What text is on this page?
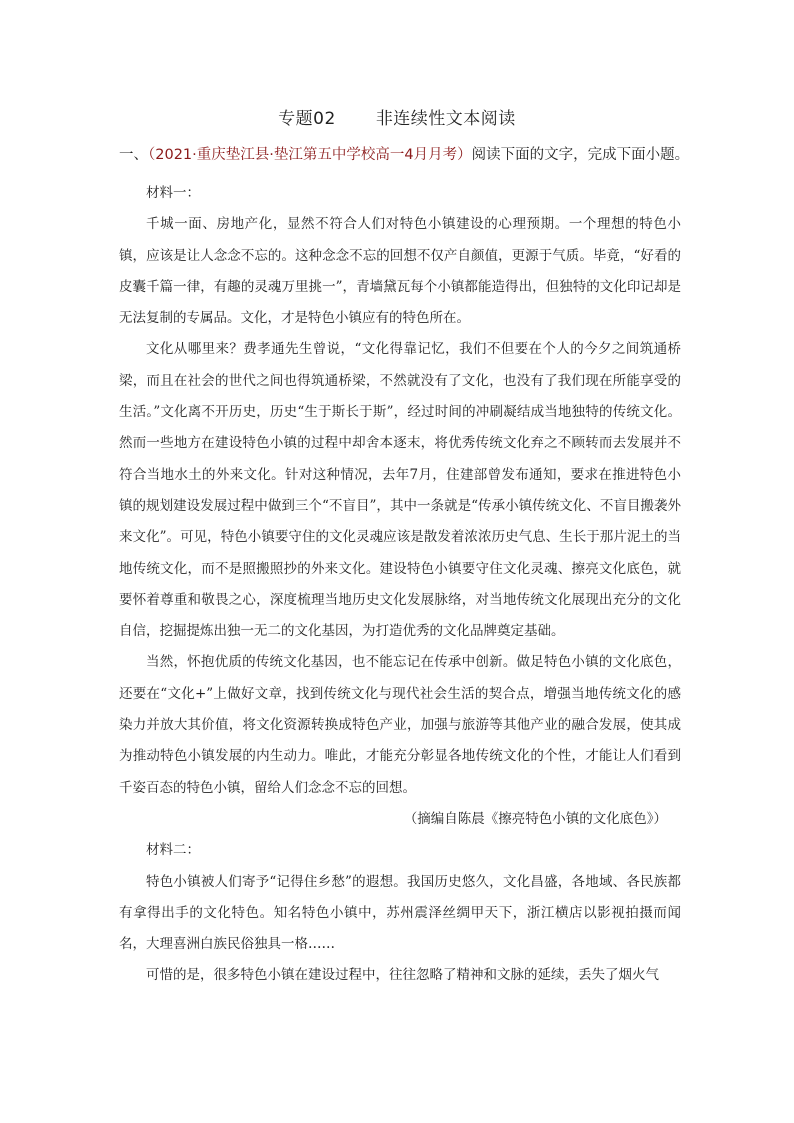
专题02 非连续性文本阅读
一、（2021·重庆垫江县·垫江第五中学校高一4月月考）阅读下面的文字，完成下面小题。

材料一：

千城一面、房地产化，显然不符合人们对特色小镇建设的心理预期。一个理想的特色小镇，应该是让人念念不忘的。这种念念不忘的回想不仅产自颜值，更源于气质。毕竟，“好看的皮囊千篇一律，有趣的灵魂万里挑一”，青墙黛瓦每个小镇都能造得出，但独特的文化印记却是无法复制的专属品。文化，才是特色小镇应有的特色所在。

文化从哪里来？费孝通先生曾说，“文化得靠记忆，我们不但要在个人的今夕之间筑通桥梁，而且在社会的世代之间也得筑通桥梁，不然就没有了文化，也没有了我们现在所能享受的生活。”文化离不开历史，历史“生于斯长于斯”，经过时间的冲刷凝结成当地独特的传统文化。然而一些地方在建设特色小镇的过程中却舍本逐末，将优秀传统文化弃之不顾转而去发展并不符合当地水土的外来文化。针对这种情况，去年7月，住建部曾发布通知，要求在推进特色小镇的规划建设发展过程中做到三个“不盲目”，其中一条就是“传承小镇传统文化、不盲目搬袭外来文化”。可见，特色小镇要守住的文化灵魂应该是散发着浓浓历史气息、生长于那片泥土的当地传统文化，而不是照搬照抄的外来文化。建设特色小镇要守住文化灵魂、擦亮文化底色，就要怀着尊重和敬畏之心，深度梳理当地历史文化发展脉络，对当地传统文化展现出充分的文化自信，挖掘提炼出独一无二的文化基因，为打造优秀的文化品牌奠定基础。

当然，怀抱优质的传统文化基因，也不能忘记在传承中创新。做足特色小镇的文化底色，还要在“文化+”上做好文章，找到传统文化与现代社会生活的契合点，增强当地传统文化的感染力并放大其价值，将文化资源转换成特色产业，加强与旅游等其他产业的融合发展，使其成为推动特色小镇发展的内生动力。唯此，才能充分彰显各地传统文化的个性，才能让人们看到千姿百态的特色小镇，留给人们念念不忘的回想。

（摘编自陈晨《擦亮特色小镇的文化底色》）

材料二：

特色小镇被人们寄予“记得住乡愁”的遐想。我国历史悠久，文化昌盛，各地域、各民族都有拿得出手的文化特色。知名特色小镇中，苏州震泽丝绸甲天下，浙江横店以影视拍摄而闻名，大理喜洲白族民俗独具一格……

可惜的是，很多特色小镇在建设过程中，往往忽略了精神和文脉的延续，丢失了烟火气
